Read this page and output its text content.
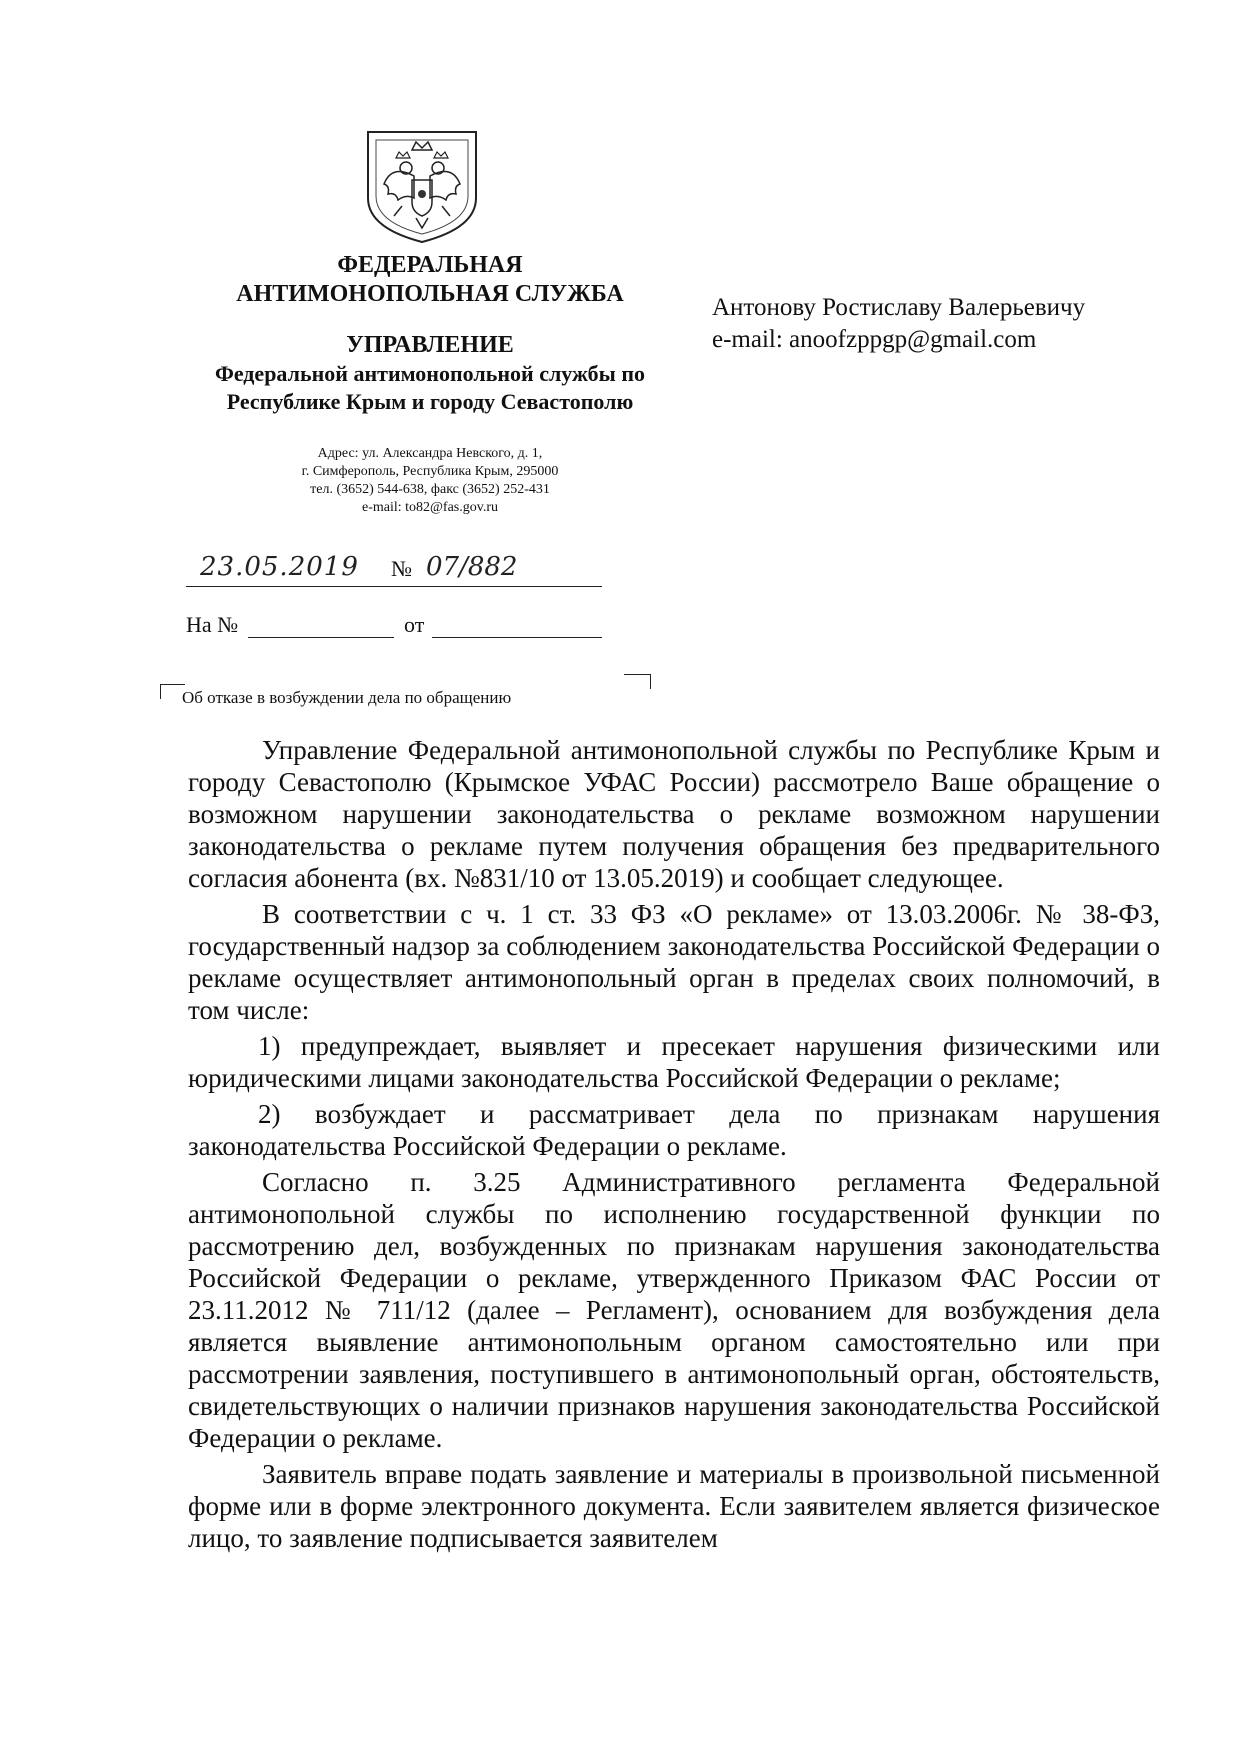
ФЕДЕРАЛЬНАЯ
АНТИМОНОПОЛЬНАЯ СЛУЖБА
УПРАВЛЕНИЕ
Федеральной антимонопольной службы по Республике Крым и городу Севастополю
Адрес: ул. Александра Невского, д. 1,
г. Симферополь, Республика Крым, 295000
тел. (3652) 544-638, факс (3652) 252-431
e-mail: to82@fas.gov.ru
23.05.2019 № 07/882
На №	от
Об отказе в возбуждении дела по обращению
Антонову Ростиславу Валерьевичу
e-mail: anoofzppgp@gmail.com

Управление Федеральной антимонопольной службы по Республике Крым и городу Севастополю (Крымское УФАС России) рассмотрело Ваше обращение о возможном нарушении законодательства о рекламе возможном нарушении законодательства о рекламе путем получения обращения без предварительного согласия абонента (вх. №831/10 от 13.05.2019) и сообщает следующее.

В соответствии с ч. 1 ст. 33 ФЗ «О рекламе» от 13.03.2006г. № 38-ФЗ, государственный надзор за соблюдением законодательства Российской Федерации о рекламе осуществляет антимонопольный орган в пределах своих полномочий, в том числе:

1) предупреждает, выявляет и пресекает нарушения физическими или юридическими лицами законодательства Российской Федерации о рекламе;

2) возбуждает и рассматривает дела по признакам нарушения законодательства Российской Федерации о рекламе.

Согласно п. 3.25 Административного регламента Федеральной антимонопольной службы по исполнению государственной функции по рассмотрению дел, возбужденных по признакам нарушения законодательства Российской Федерации о рекламе, утвержденного Приказом ФАС России от 23.11.2012 № 711/12 (далее – Регламент), основанием для возбуждения дела является выявление антимонопольным органом самостоятельно или при рассмотрении заявления, поступившего в антимонопольный орган, обстоятельств, свидетельствующих о наличии признаков нарушения законодательства Российской Федерации о рекламе.

Заявитель вправе подать заявление и материалы в произвольной письменной форме или в форме электронного документа. Если заявителем является физическое лицо, то заявление подписывается заявителем
